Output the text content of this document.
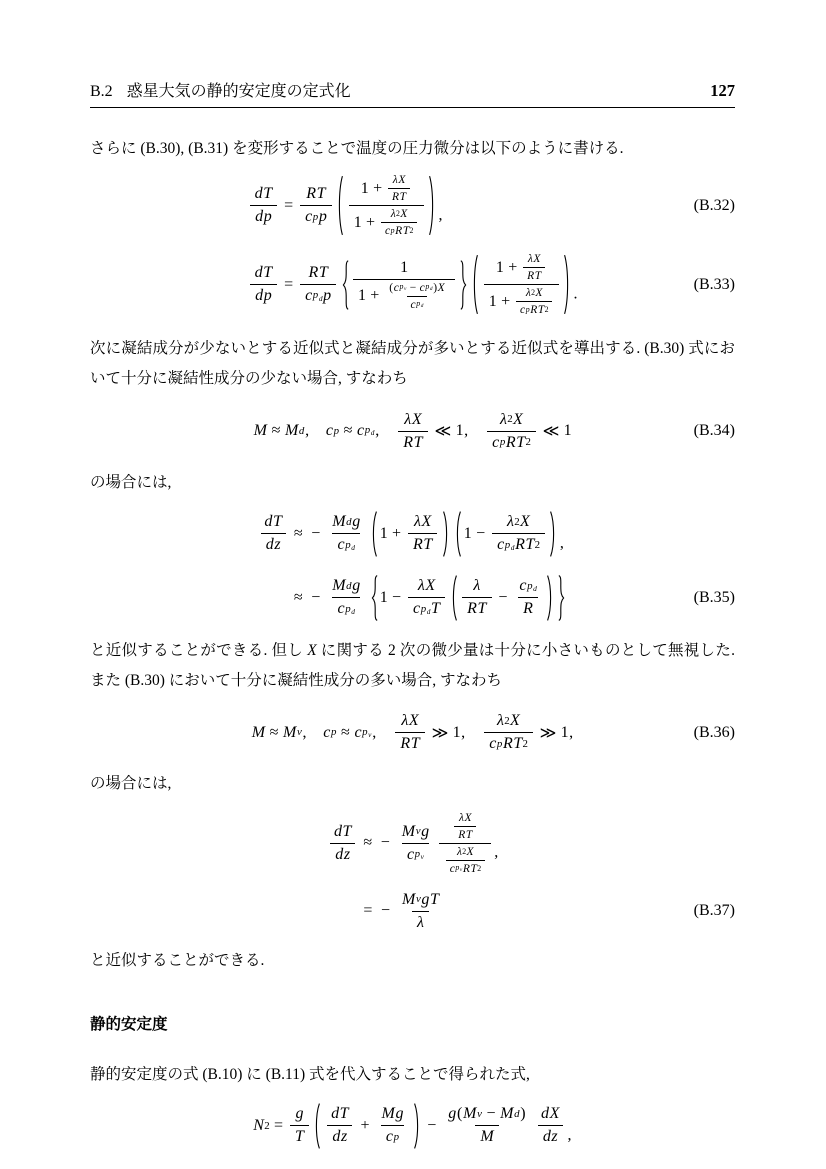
B.2 惑星大気の静的安定度の定式化	127

さらに (B.30), (B.31) を変形することで温度の圧力微分は以下のように書ける.

$\frac{\text{d T}}{\text{d p}} = \frac{\text{R T}}{\text{c p p}} \frac{1 + \frac{\text{λ X}}{\text{R T}}}{1 + \frac{\lambda 2 X}{\text{c p R T 2}}}$ ,
(B.32)
$\frac{\text{d T}}{\text{d p}} = \frac{\text{R T}}{c p_d p} \frac{1}{1 + \frac{( c p_v - c p_d ) X}{c p_d}} \frac{1 + \frac{\text{λ X}}{\text{R T}}}{1 + \frac{\lambda 2 X}{\text{c p R T 2}}}$ .
(B.33)

次に凝結成分が少ないとする近似式と凝結成分が多いとする近似式を導出する. (B.30) 式において十分に凝結性成分の少ない場合, すなわち

M ≈ M d , c p ≈ c $p_d$ , $\frac{\text{λ X}}{\text{R T}}$ ≪ 1 , $\frac{\lambda 2 X}{\text{c p R T 2}}$ ≪ 1	(B.34)

の場合には,

$\frac{\text{d T}}{\text{d z}}$ ≈ − $\frac{\text{M d g}}{c p_d} 1 + \frac{\text{λ X}}{\text{R T}} 1 - \frac{\lambda 2 X}{c p_d R T 2}$ ,
≈ − $\frac{\text{M d g}}{c p_d} 1 - \frac{\text{λ X}}{c p_d T} \frac{\lambda}{\text{R T}} - \frac{c p_d}{R}$	(B.35)

と近似することができる. 但し X に関する 2 次の微少量は十分に小さいものとして無視した. また (B.30) において十分に凝結性成分の多い場合, すなわち

M ≈ M v , c p ≈ c $p_v$ , $\frac{\text{λ X}}{\text{R T}}$ ≫ 1 , $\frac{\lambda 2 X}{\text{c p R T 2}}$ ≫ 1 ,	(B.36)

の場合には,

$\frac{\text{d T}}{\text{d z}}$ ≈ − $\frac{\text{M v g}}{c p_v} \frac{\frac{\text{λ X}}{\text{R T}}}{\frac{\lambda 2 X}{c p_v R T 2}}$ ,
= − $\frac{\text{M v g T}}{\lambda}$	(B.37)

と近似することができる.

静的安定度

静的安定度の式 (B.10) に (B.11) 式を代入することで得られた式,

N $2 = \frac{g}{T} \frac{\text{d T}}{\text{d z}} + \frac{\text{M g}}{\text{c p}} - \frac{\text{g ( M v − M d )}}{M} \frac{\text{d X}}{\text{d z}}$ ,
